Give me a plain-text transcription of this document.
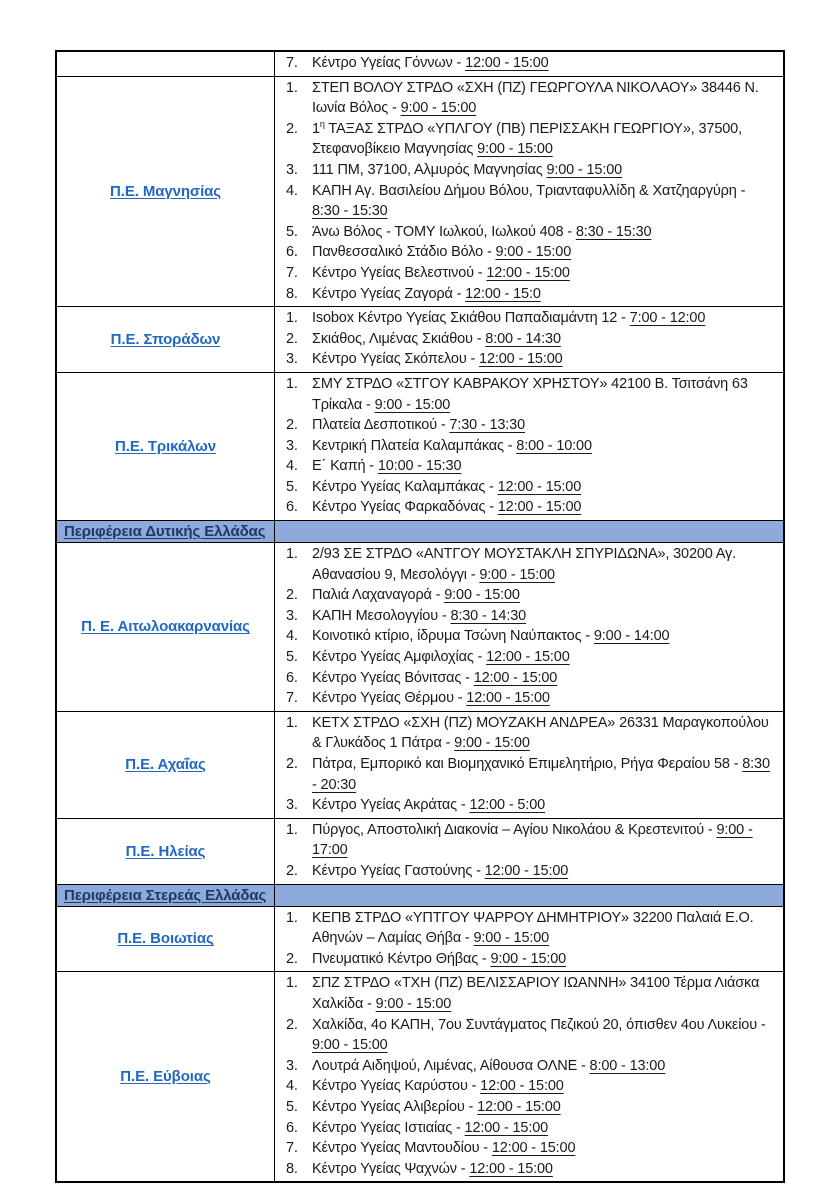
7. Κέντρο Υγείας Γόννων - 12:00 - 15:00
Π.Ε. Μαγνησίας
1. ΣΤΕΠ ΒΟΛΟΥ ΣΤΡΔΟ «ΣΧΗ (ΠΖ) ΓΕΩΡΓΟΥΛΑ ΝΙΚΟΛΑΟΥ» 38446 Ν. Ιωνία Βόλος - 9:00 - 15:00
2. $1^\eta$ ΤΑΞΑΣ ΣΤΡΔΟ «ΥΠΛΓΟΥ (ΠΒ) ΠΕΡΙΣΣΑΚΗ ΓΕΩΡΓΙΟΥ», 37500, Στεφανοβίκειο Μαγνησίας 9:00 - 15:00
3. 111 ΠΜ, 37100, Αλμυρός Μαγνησίας 9:00 - 15:00
4. ΚΑΠΗ Αγ. Βασιλείου Δήμου Βόλου, Τριανταφυλλίδη & Χατζηαργύρη - 8:30 - 15:30
5. Άνω Βόλος - ΤΟΜΥ Ιωλκού, Ιωλκού 408 - 8:30 - 15:30
6. Πανθεσσαλικό Στάδιο Βόλο - 9:00 - 15:00
7. Κέντρο Υγείας Βελεστινού - 12:00 - 15:00
8. Κέντρο Υγείας Ζαγορά - 12:00 - 15:0
Π.Ε. Σποράδων
1. Isobox Κέντρο Υγείας Σκιάθου Παπαδιαμάντη 12 - 7:00 - 12:00
2. Σκιάθος, Λιμένας Σκιάθου - 8:00 - 14:30
3. Κέντρο Υγείας Σκόπελου - 12:00 - 15:00
Π.Ε. Τρικάλων
1. ΣΜΥ ΣΤΡΔΟ «ΣΤΓΟΥ ΚΑΒΡΑΚΟΥ ΧΡΗΣΤΟΥ» 42100 Β. Τσιτσάνη 63 Τρίκαλα - 9:00 - 15:00
2. Πλατεία Δεσποτικού - 7:30 - 13:30
3. Κεντρική Πλατεία Καλαμπάκας - 8:00 - 10:00
4. Ε΄ Καπή - 10:00 - 15:30
5. Κέντρο Υγείας Καλαμπάκας - 12:00 - 15:00
6. Κέντρο Υγείας Φαρκαδόνας - 12:00 - 15:00
Περιφέρεια Δυτικής Ελλάδας
Π. Ε. Αιτωλοακαρνανίας
1. 2/93 ΣΕ ΣΤΡΔΟ «ΑΝΤΓΟΥ ΜΟΥΣΤΑΚΛΗ ΣΠΥΡΙΔΩΝΑ», 30200 Αγ. Αθανασίου 9, Μεσολόγγι - 9:00 - 15:00
2. Παλιά Λαχαναγορά - 9:00 - 15:00
3. ΚΑΠΗ Μεσολογγίου - 8:30 - 14:30
4. Κοινοτικό κτίριο, ίδρυμα Τσώνη Ναύπακτος - 9:00 - 14:00
5. Κέντρο Υγείας Αμφιλοχίας - 12:00 - 15:00
6. Κέντρο Υγείας Βόνιτσας - 12:00 - 15:00
7. Κέντρο Υγείας Θέρμου - 12:00 - 15:00
Π.Ε. Αχαΐας
1. ΚΕΤΧ ΣΤΡΔΟ «ΣΧΗ (ΠΖ) ΜΟΥΖΑΚΗ ΑΝΔΡΕΑ» 26331 Μαραγκοπούλου & Γλυκάδος 1 Πάτρα - 9:00 - 15:00
2. Πάτρα, Εμπορικό και Βιομηχανικό Επιμελητήριο, Ρήγα Φεραίου 58 - 8:30 - 20:30
3. Κέντρο Υγείας Ακράτας - 12:00 - 5:00
Π.Ε. Ηλείας
1. Πύργος, Αποστολική Διακονία – Αγίου Νικολάου & Κρεστενιτού - 9:00 - 17:00
2. Κέντρο Υγείας Γαστούνης - 12:00 - 15:00
Περιφέρεια Στερεάς Ελλάδας
Π.Ε. Βοιωτίας
1. ΚΕΠΒ ΣΤΡΔΟ «ΥΠΤΓΟΥ ΨΑΡΡΟΥ ΔΗΜΗΤΡΙΟΥ» 32200 Παλαιά Ε.Ο. Αθηνών – Λαμίας Θήβα - 9:00 - 15:00
2. Πνευματικό Κέντρο Θήβας - 9:00 - 15:00
Π.Ε. Εύβοιας
1. ΣΠΖ ΣΤΡΔΟ «ΤΧΗ (ΠΖ) ΒΕΛΙΣΣΑΡΙΟΥ ΙΩΑΝΝΗ» 34100 Τέρμα Λιάσκα Χαλκίδα - 9:00 - 15:00
2. Χαλκίδα, 4ο ΚΑΠΗ, 7ου Συντάγματος Πεζικού 20, όπισθεν 4ου Λυκείου - 9:00 - 15:00
3. Λουτρά Αιδηψού, Λιμένας, Αίθουσα ΟΛΝΕ - 8:00 - 13:00
4. Κέντρο Υγείας Καρύστου - 12:00 - 15:00
5. Κέντρο Υγείας Αλιβερίου - 12:00 - 15:00
6. Κέντρο Υγείας Ιστιαίας - 12:00 - 15:00
7. Κέντρο Υγείας Μαντουδίου - 12:00 - 15:00
8. Κέντρο Υγείας Ψαχνών - 12:00 - 15:00
